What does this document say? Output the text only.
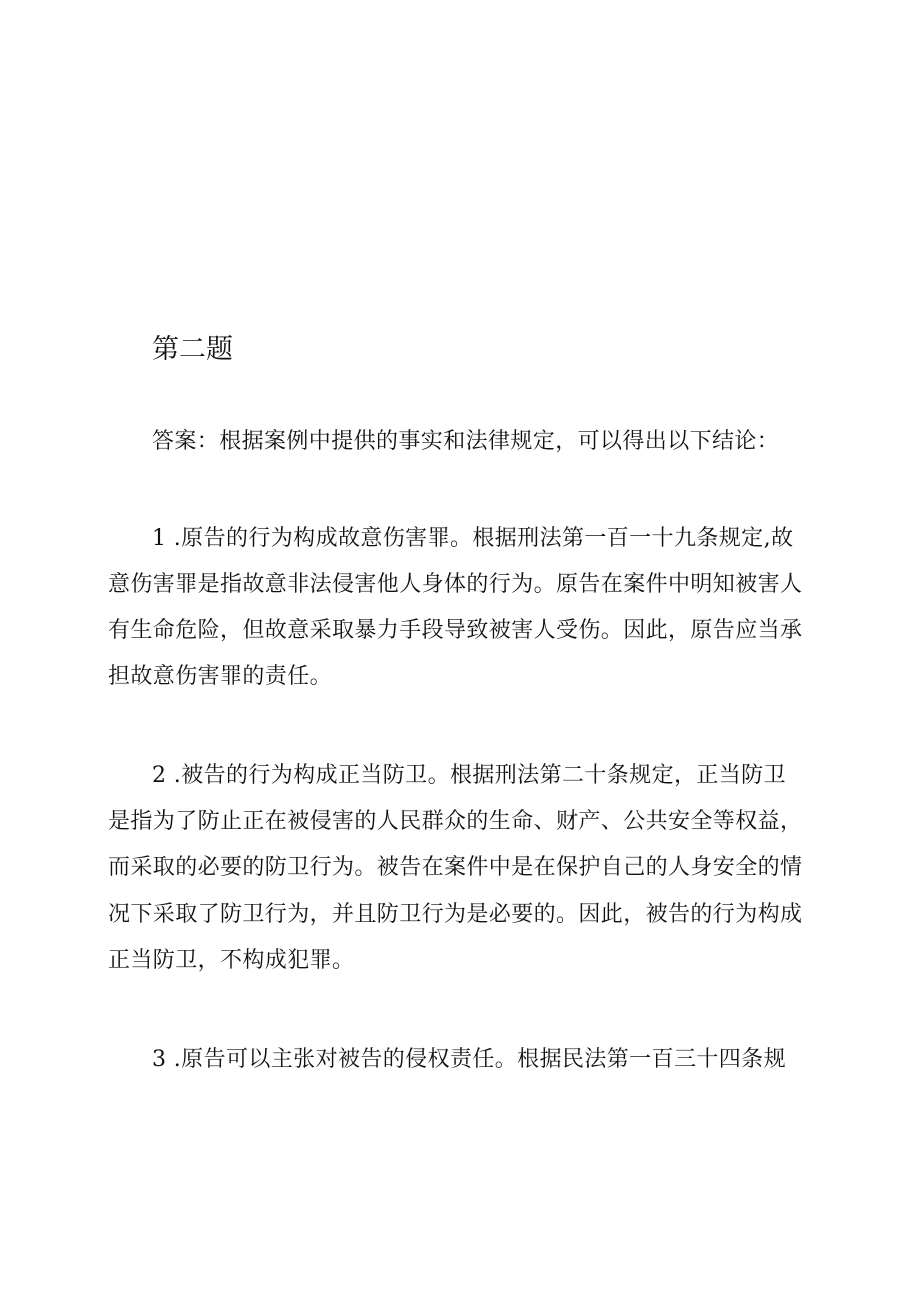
第二题
答案：根据案例中提供的事实和法律规定，可以得出以下结论：
1 .原告的行为构成故意伤害罪。根据刑法第一百一十九条规定,故
意伤害罪是指故意非法侵害他人身体的行为。原告在案件中明知被害人
有生命危险，但故意采取暴力手段导致被害人受伤。因此，原告应当承
担故意伤害罪的责任。
2 .被告的行为构成正当防卫。根据刑法第二十条规定，正当防卫
是指为了防止正在被侵害的人民群众的生命、财产、公共安全等权益，
而采取的必要的防卫行为。被告在案件中是在保护自己的人身安全的情
况下采取了防卫行为，并且防卫行为是必要的。因此，被告的行为构成
正当防卫，不构成犯罪。
3 .原告可以主张对被告的侵权责任。根据民法第一百三十四条规
